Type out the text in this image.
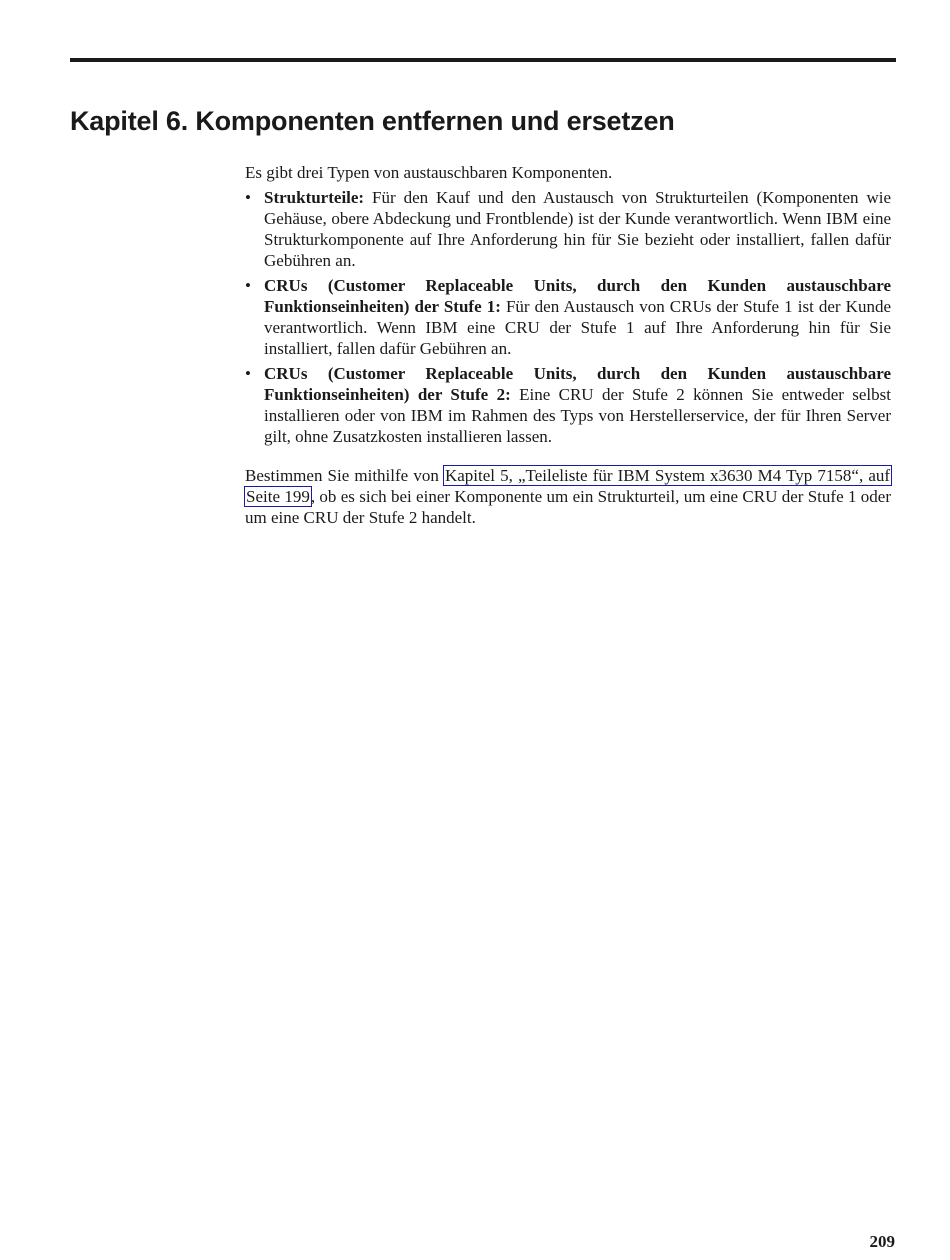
Kapitel 6. Komponenten entfernen und ersetzen

Es gibt drei Typen von austauschbaren Komponenten.

• Strukturteile: Für den Kauf und den Austausch von Strukturteilen (Komponenten wie Gehäuse, obere Abdeckung und Frontblende) ist der Kunde verantwortlich. Wenn IBM eine Strukturkomponente auf Ihre Anforderung hin für Sie bezieht oder installiert, fallen dafür Gebühren an.
• CRUs (Customer Replaceable Units, durch den Kunden austauschbare Funktionseinheiten) der Stufe 1: Für den Austausch von CRUs der Stufe 1 ist der Kunde verantwortlich. Wenn IBM eine CRU der Stufe 1 auf Ihre Anforderung hin für Sie installiert, fallen dafür Gebühren an.
• CRUs (Customer Replaceable Units, durch den Kunden austauschbare Funktionseinheiten) der Stufe 2: Eine CRU der Stufe 2 können Sie entweder selbst installieren oder von IBM im Rahmen des Typs von Herstellerservice, der für Ihren Server gilt, ohne Zusatzkosten installieren lassen.

Bestimmen Sie mithilfe von Kapitel 5, „Teileliste für IBM System x3630 M4 Typ 7158“, auf Seite 199, ob es sich bei einer Komponente um ein Strukturteil, um eine CRU der Stufe 1 oder um eine CRU der Stufe 2 handelt.

209
